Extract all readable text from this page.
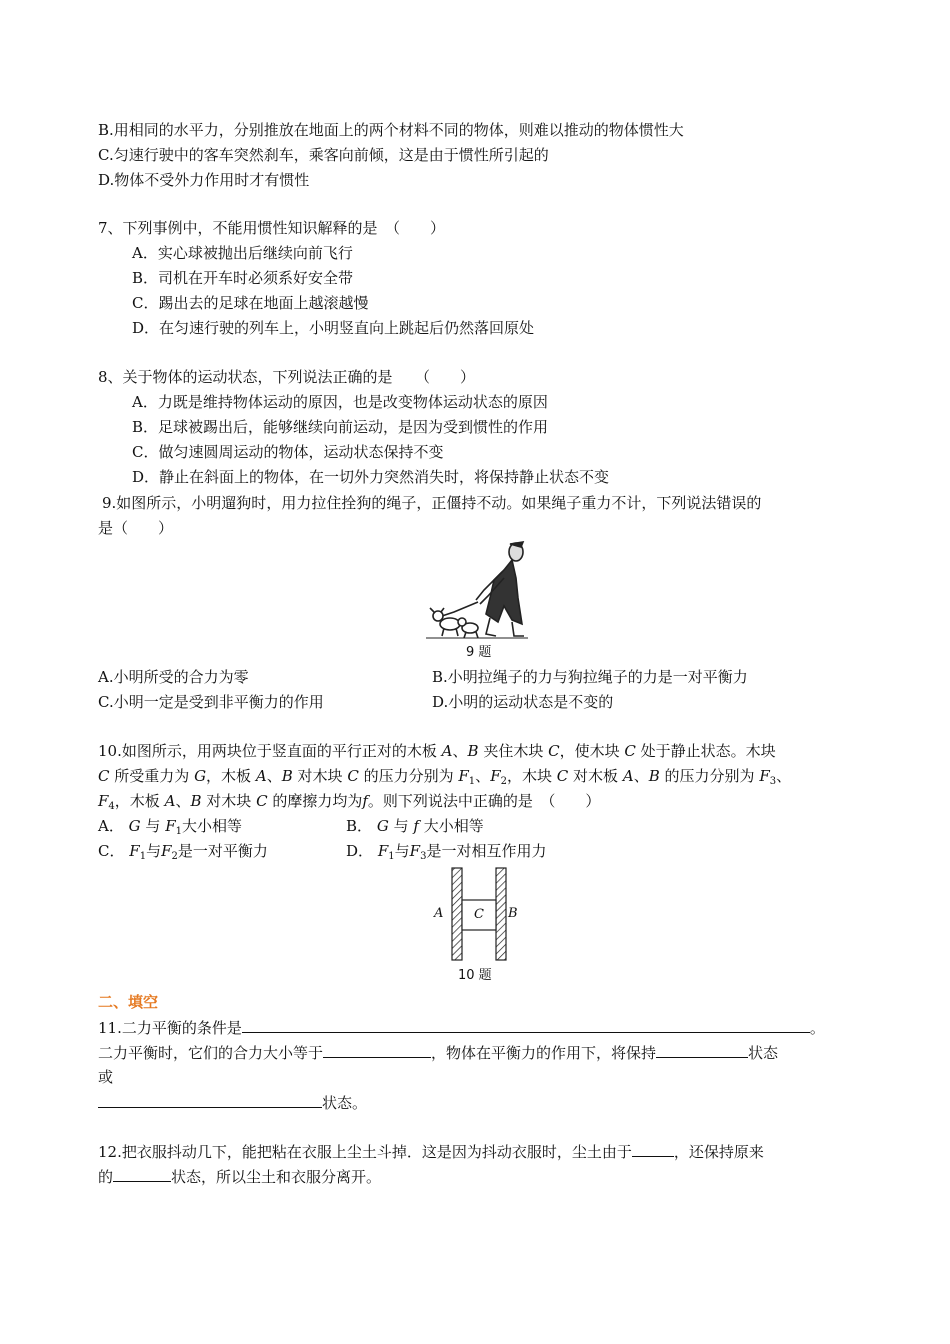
B.用相同的水平力，分别推放在地面上的两个材料不同的物体，则难以推动的物体惯性大
C.匀速行驶中的客车突然刹车，乘客向前倾，这是由于惯性所引起的
D.物体不受外力作用时才有惯性
7、下列事例中，不能用惯性知识解释的是　（　　）
A．实心球被抛出后继续向前飞行
B．司机在开车时必须系好安全带
C．踢出去的足球在地面上越滚越慢
D．在匀速行驶的列车上，小明竖直向上跳起后仍然落回原处
8、关于物体的运动状态，下列说法正确的是　　（　　）
A．力既是维持物体运动的原因，也是改变物体运动状态的原因
B．足球被踢出后，能够继续向前运动，是因为受到惯性的作用
C．做匀速圆周运动的物体，运动状态保持不变
D．静止在斜面上的物体，在一切外力突然消失时，将保持静止状态不变
9.如图所示，小明遛狗时，用力拉住拴狗的绳子，正僵持不动。如果绳子重力不计，下列说法错误的
是（　　）
9 题
A.小明所受的合力为零	B.小明拉绳子的力与狗拉绳子的力是一对平衡力
C.小明一定是受到非平衡力的作用	D.小明的运动状态是不变的
10.如图所示，用两块位于竖直面的平行正对的木板 A、B 夹住木块 C，使木块 C 处于静止状态。木块
C 所受重力为 G，木板 A、B 对木块 C 的压力分别为 $F_1$、$F_2$，木块 C 对木板 A、B 的压力分别为 $F_3$、
$F_4$，木板 A、B 对木块 C 的摩擦力均为f。则下列说法中正确的是　（　　）
A． G 与 $F_1$大小相等	B． G 与 f 大小相等
C． $F_1$与$F_2$是一对平衡力	D． $F_1$与$F_3$是一对相互作用力
A C B
10 题
二、填空
11.二力平衡的条件是	。
二力平衡时，它们的合力大小等于	，物体在平衡力的作用下，将保持	状态
或
状态。
12.把衣服抖动几下，能把粘在衣服上尘土斗掉．这是因为抖动衣服时，尘土由于	，还保持原来
的	状态，所以尘土和衣服分离开。
